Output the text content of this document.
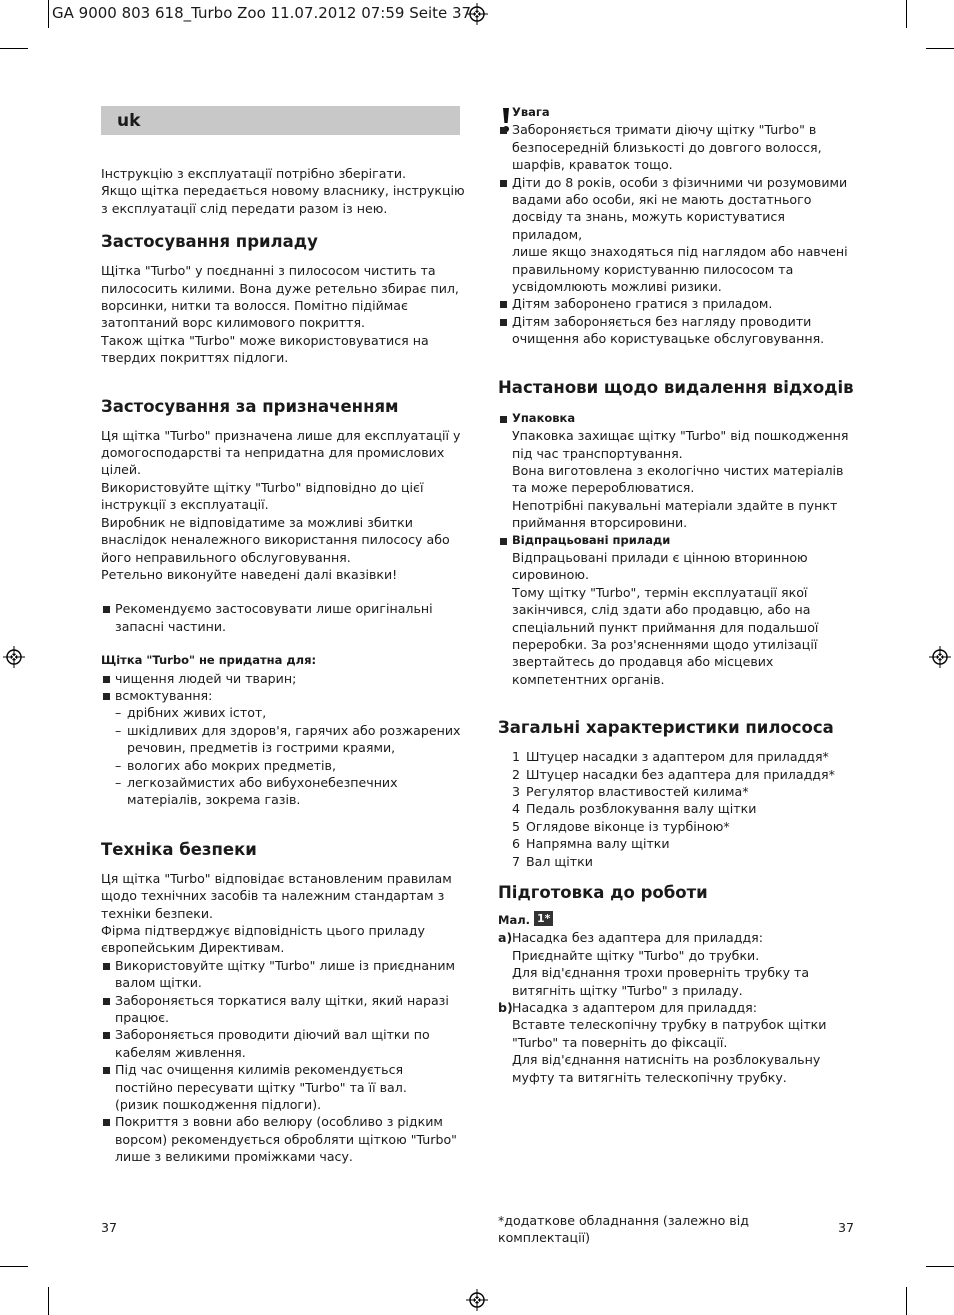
GA 9000 803 618_Turbo Zoo 11.07.2012 07:59 Seite 37
uk

Інструкцію з експлуатації потрібно зберігати.

Якщо щітка передається новому власнику, інструкцію

з експлуатації слід передати разом із нею.

Застосування приладу

Щітка "Turbo" у поєднанні з пилососом чистить та

пилососить килими. Вона дуже ретельно збирає пил,

ворсинки, нитки та волосся. Помітно підіймає

затоптаний ворс килимового покриття.

Також щітка "Turbo" може використовуватися на

твердих покриттях підлоги.

Застосування за призначенням

Ця щітка "Turbo" призначена лише для експлуатації у

домогосподарстві та непридатна для промислових

цілей.

Використовуйте щітку "Turbo" відповідно до цієї

інструкції з експлуатації.

Виробник не відповідатиме за можливі збитки

внаслідок неналежного використання пилососу або

його неправильного обслуговування.

Ретельно виконуйте наведені далі вказівки!

Рекомендуємо застосовувати лише оригінальні

запасні частини.

Щітка "Turbo" не придатна для:

чищення людей чи тварин;

всмоктування:

– дрібних живих істот,

– шкідливих для здоров'я, гарячих або розжарених

речовин, предметів із гострими краями,

– вологих або мокрих предметів,

– легкозаймистих або вибухонебезпечних

матеріалів, зокрема газів.

Техніка безпеки

Ця щітка "Turbo" відповідає встановленим правилам

щодо технічних засобів та належним стандартам з

техніки безпеки.

Фірма підтверджує відповідність цього приладу

європейським Директивам.

Використовуйте щітку "Turbo" лише із приєднаним

валом щітки.

Забороняється торкатися валу щітки, який наразі

працює.

Забороняється проводити діючий вал щітки по

кабелям живлення.

Під час очищення килимів рекомендується

постійно пересувати щітку "Turbo" та її вал.

(ризик пошкодження підлоги).

Покриття з вовни або велюру (особливо з рідким

ворсом) рекомендується обробляти щіткою "Turbo"

лише з великими проміжками часу.

Увага

Забороняється тримати діючу щітку "Turbo" в

безпосередній близькості до довгого волосся,

шарфів, краваток тощо.

Діти до 8 років, особи з фізичними чи розумовими

вадами або особи, які не мають достатнього

досвіду та знань, можуть користуватися приладом,

лише якщо знаходяться під наглядом або навчені

правильному користуванню пилососом та

усвідомлюють можливі ризики.

Дітям заборонено гратися з приладом.

Дітям забороняється без нагляду проводити

очищення або користувацьке обслуговування.

Настанови щодо видалення відходів

Упаковка

Упаковка захищає щітку "Turbo" від пошкодження

під час транспортування.

Вона виготовлена з екологічно чистих матеріалів

та може перероблюватися.

Непотрібні пакувальні матеріали здайте в пункт

приймання вторсировини.

Відпрацьовані прилади

Відпрацьовані прилади є цінною вторинною

сировиною.

Тому щітку "Turbo", термін експлуатації якої

закінчився, слід здати або продавцю, або на

спеціальний пункт приймання для подальшої

переробки. За роз'ясненнями щодо утилізації

звертайтесь до продавця або місцевих

компетентних органів.

Загальні характеристики пилососа

1 Штуцер насадки з адаптером для приладдя*

2 Штуцер насадки без адаптера для приладдя*

3 Регулятор властивостей килима*

4 Педаль розблокування валу щітки

5 Оглядове віконце із турбіною*

6 Напрямна валу щітки

7 Вал щітки

Підготовка до роботи

Мал. 1*

a)Насадка без адаптера для приладдя:

Приєднайте щітку "Turbo" до трубки.

Для від'єднання трохи проверніть трубку та

витягніть щітку "Turbo" з приладу.

b)Насадка з адаптером для приладдя:

Вставте телескопічну трубку в патрубок щітки

"Turbo" та поверніть до фіксації.

Для від'єднання натисніть на розблокувальну

муфту та витягніть телескопічну трубку.

37	*додаткове обладнання (залежно від

комплектації)

37
